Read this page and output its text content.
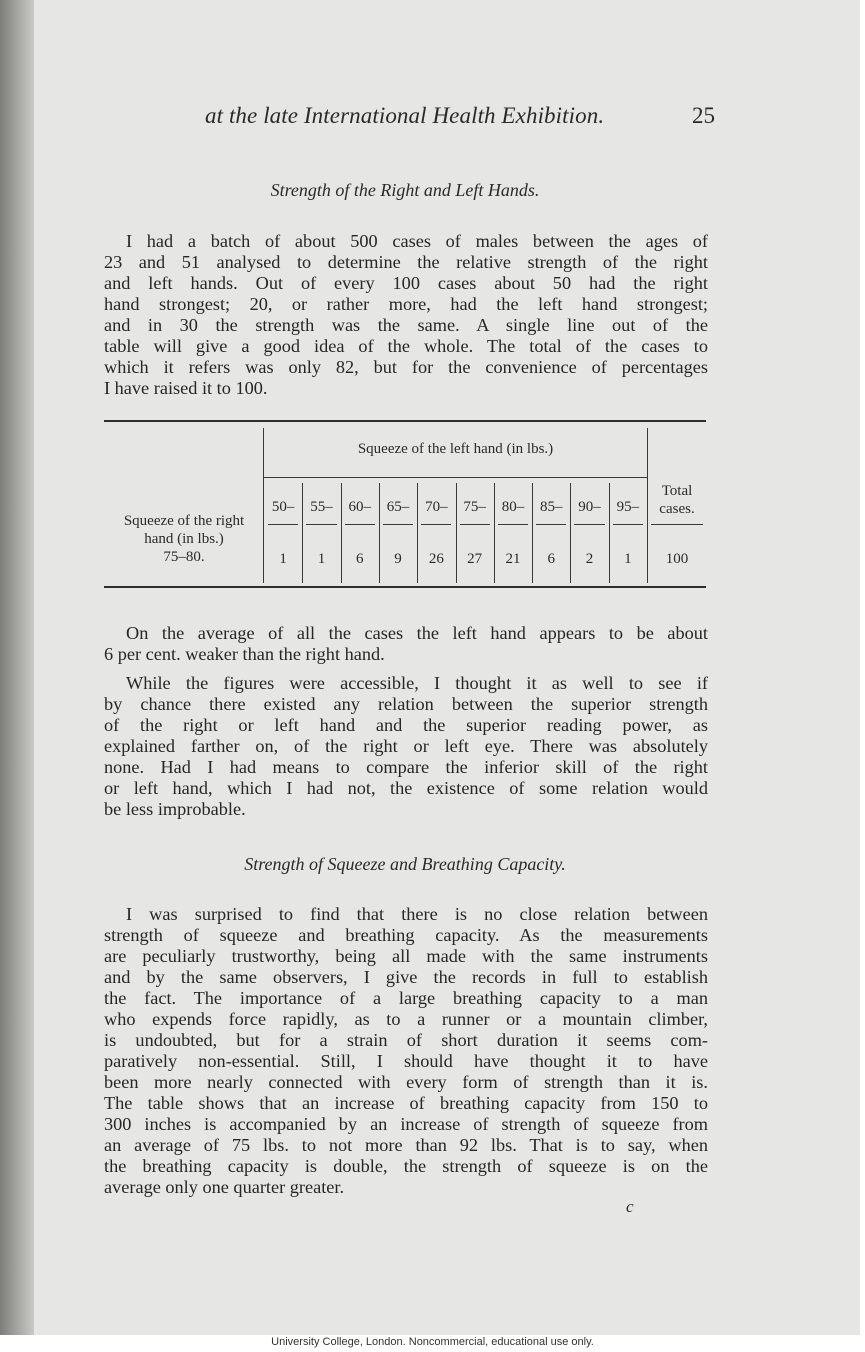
at the late International Health Exhibition.	25
Strength of the Right and Left Hands.
I had a batch of about 500 cases of males between the ages of
23 and 51 analysed to determine the relative strength of the right
and left hands. Out of every 100 cases about 50 had the right
hand strongest; 20, or rather more, had the left hand strongest;
and in 30 the strength was the same. A single line out of the
table will give a good idea of the whole. The total of the cases to
which it refers was only 82, but for the convenience of percentages
I have raised it to 100.
Squeeze of the left hand (in lbs.)
Total cases.
Squeeze of the right
hand (in lbs.)
75–80.
50–
1
55–
1
60–
6
65–
9
70–
26
75–
27
80–
21
85–
6
90–
2
95–
1	100
On the average of all the cases the left hand appears to be about
6 per cent. weaker than the right hand.
While the figures were accessible, I thought it as well to see if
by chance there existed any relation between the superior strength
of the right or left hand and the superior reading power, as
explained farther on, of the right or left eye. There was absolutely
none. Had I had means to compare the inferior skill of the right
or left hand, which I had not, the existence of some relation would
be less improbable.
Strength of Squeeze and Breathing Capacity.
I was surprised to find that there is no close relation between
strength of squeeze and breathing capacity. As the measurements
are peculiarly trustworthy, being all made with the same instruments
and by the same observers, I give the records in full to establish
the fact. The importance of a large breathing capacity to a man
who expends force rapidly, as to a runner or a mountain climber,
is undoubted, but for a strain of short duration it seems com-
paratively non-essential. Still, I should have thought it to have
been more nearly connected with every form of strength than it is.
The table shows that an increase of breathing capacity from 150 to
300 inches is accompanied by an increase of strength of squeeze from
an average of 75 lbs. to not more than 92 lbs. That is to say, when
the breathing capacity is double, the strength of squeeze is on the
average only one quarter greater.
c
University College, London. Noncommercial, educational use only.
